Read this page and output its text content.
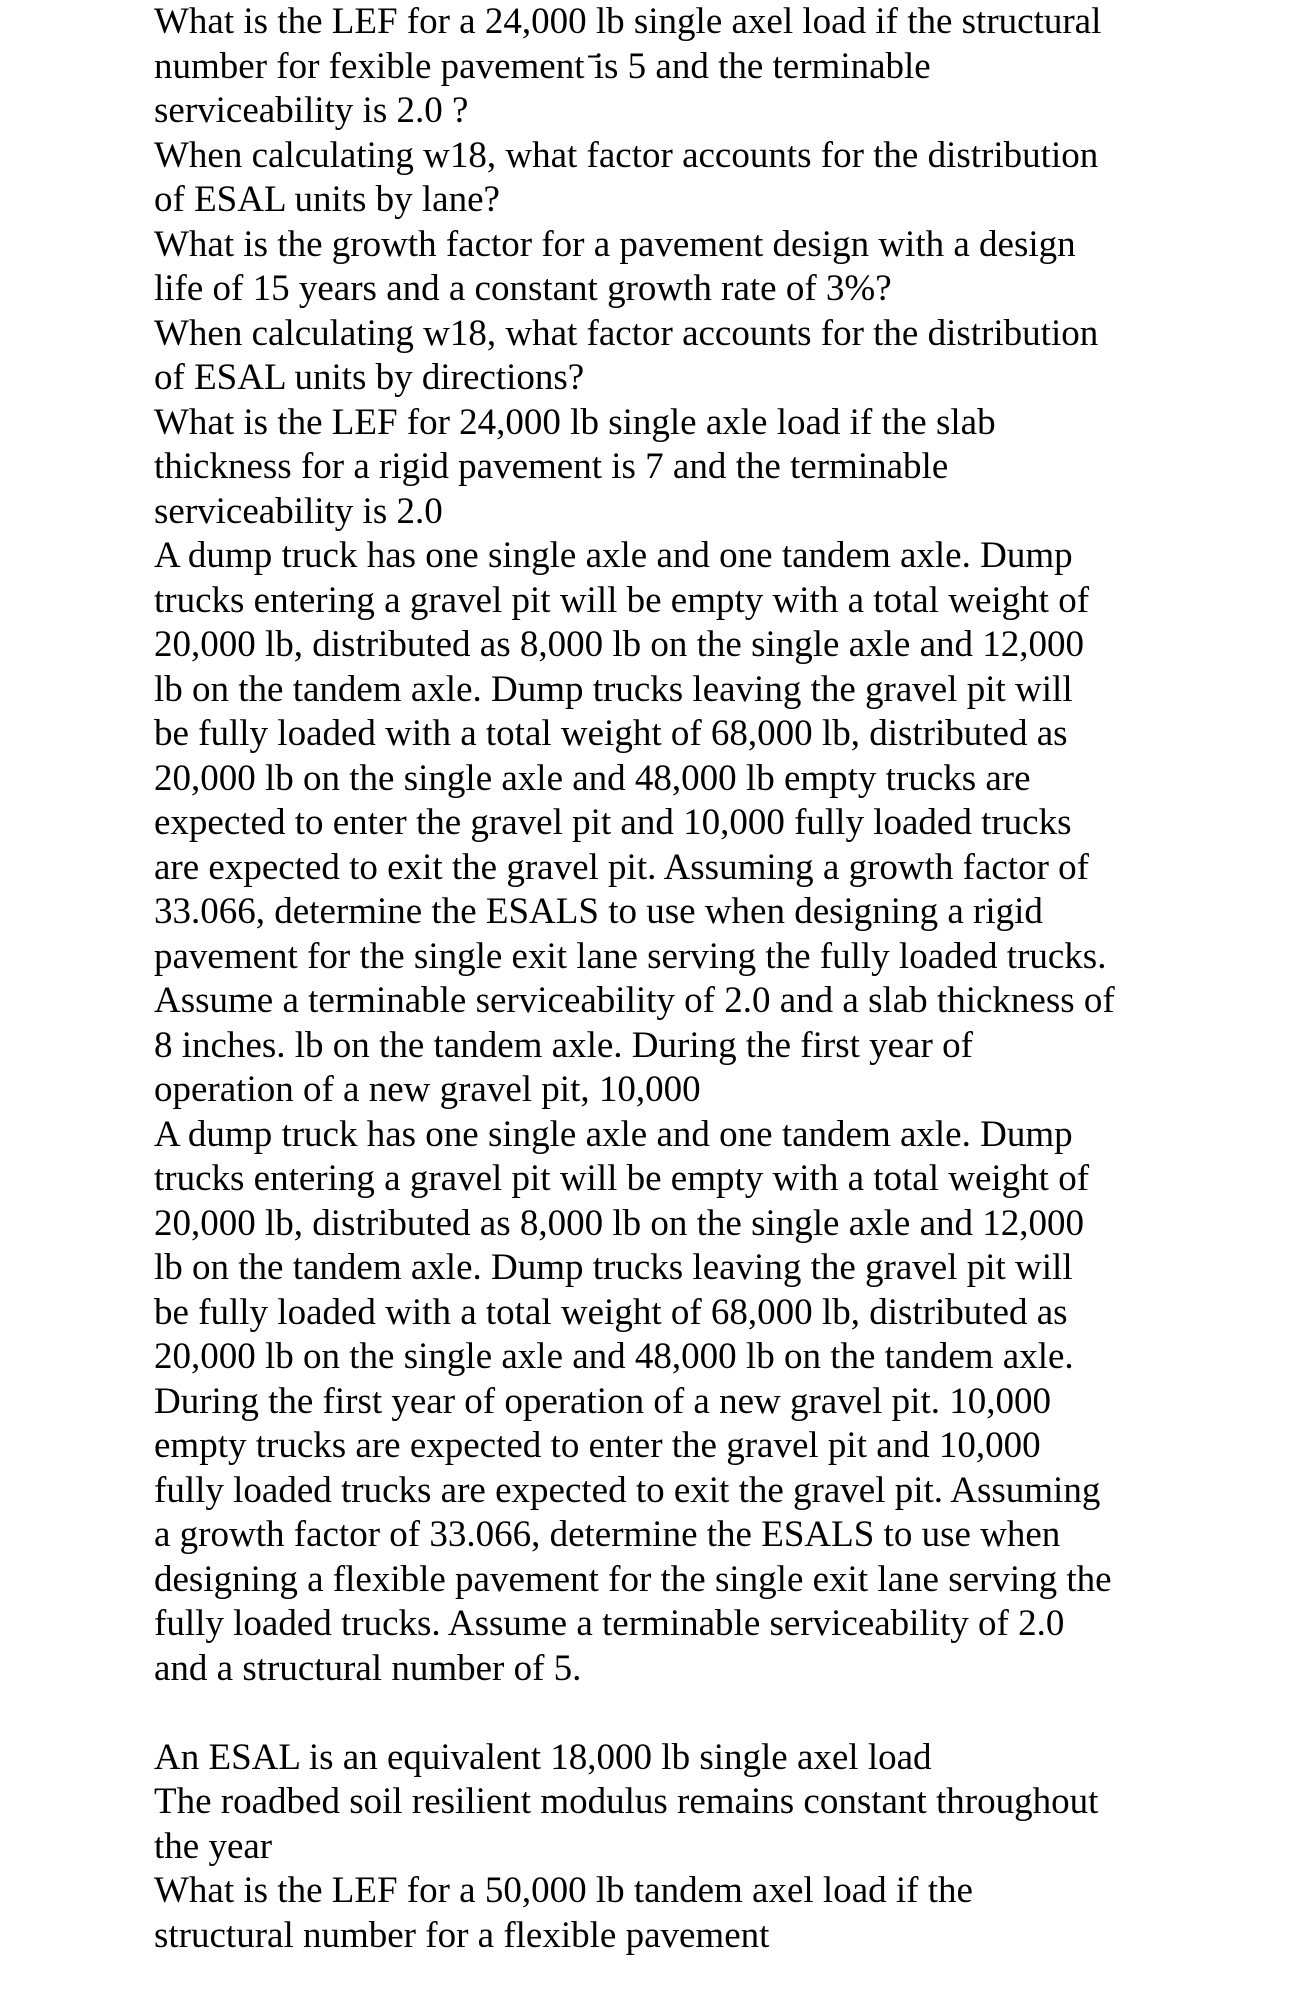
What is the LEF for a 24,000 lb single axel load if the structural
number for fexible pavement ̄is 5 and the terminable
serviceability is 2.0 ?

When calculating w18, what factor accounts for the distribution
of ESAL units by lane?

What is the growth factor for a pavement design with a design
life of 15 years and a constant growth rate of 3%?

When calculating w18, what factor accounts for the distribution
of ESAL units by directions?

What is the LEF for 24,000 lb single axle load if the slab
thickness for a rigid pavement is 7 and the terminable
serviceability is 2.0

A dump truck has one single axle and one tandem axle. Dump
trucks entering a gravel pit will be empty with a total weight of
20,000 lb, distributed as 8,000 lb on the single axle and 12,000
lb on the tandem axle. Dump trucks leaving the gravel pit will
be fully loaded with a total weight of 68,000 lb, distributed as
20,000 lb on the single axle and 48,000 lb empty trucks are
expected to enter the gravel pit and 10,000 fully loaded trucks
are expected to exit the gravel pit. Assuming a growth factor of
33.066, determine the ESALS to use when designing a rigid
pavement for the single exit lane serving the fully loaded trucks.
Assume a terminable serviceability of 2.0 and a slab thickness of
8 inches. lb on the tandem axle. During the first year of
operation of a new gravel pit, 10,000

A dump truck has one single axle and one tandem axle. Dump
trucks entering a gravel pit will be empty with a total weight of
20,000 lb, distributed as 8,000 lb on the single axle and 12,000
lb on the tandem axle. Dump trucks leaving the gravel pit will
be fully loaded with a total weight of 68,000 lb, distributed as
20,000 lb on the single axle and 48,000 lb on the tandem axle.
During the first year of operation of a new gravel pit. 10,000
empty trucks are expected to enter the gravel pit and 10,000
fully loaded trucks are expected to exit the gravel pit. Assuming
a growth factor of 33.066, determine the ESALS to use when
designing a flexible pavement for the single exit lane serving the
fully loaded trucks. Assume a terminable serviceability of 2.0
and a structural number of 5.

An ESAL is an equivalent 18,000 lb single axel load

The roadbed soil resilient modulus remains constant throughout
the year

What is the LEF for a 50,000 lb tandem axel load if the
structural number for a flexible pavement
